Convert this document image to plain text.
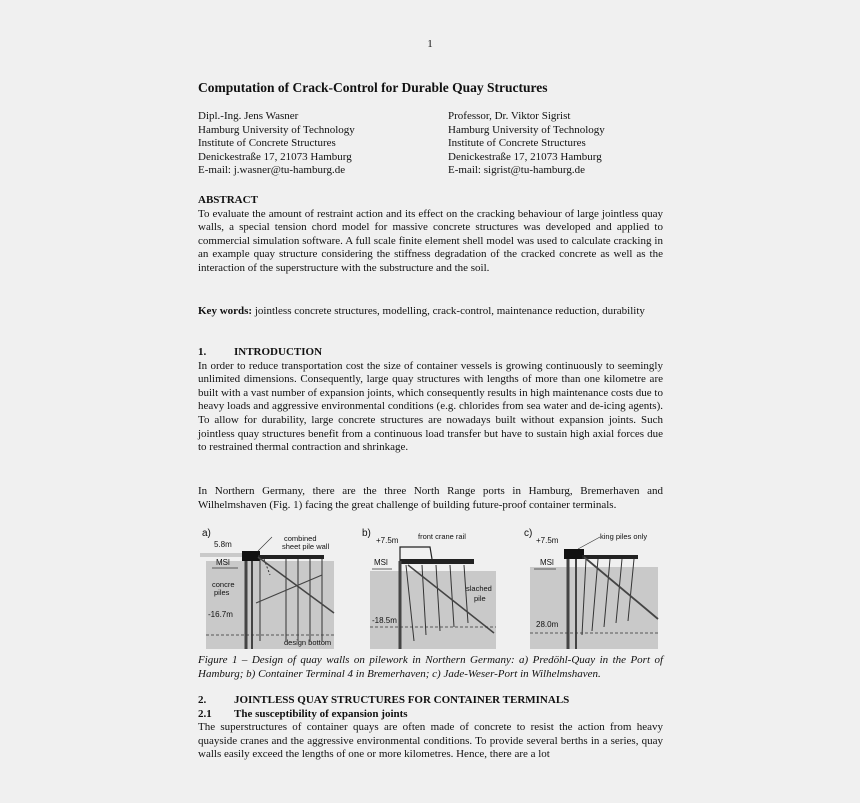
1
Computation of Crack-Control for Durable Quay Structures
Dipl.-Ing. Jens Wasner
Hamburg University of Technology
Institute of Concrete Structures
Denickestraße 17, 21073 Hamburg
E-mail: j.wasner@tu-hamburg.de
Professor, Dr. Viktor Sigrist
Hamburg University of Technology
Institute of Concrete Structures
Denickestraße 17, 21073 Hamburg
E-mail: sigrist@tu-hamburg.de
ABSTRACT
To evaluate the amount of restraint action and its effect on the cracking behaviour of large jointless quay walls, a special tension chord model for massive concrete structures was developed and applied to commercial simulation software. A full scale finite element shell model was used to calculate cracking in an example quay structure considering the stiffness degradation of the cracked concrete as well as the interaction of the superstructure with the substructure and the soil.
Key words: jointless concrete structures, modelling, crack-control, maintenance reduction, durability
1.	INTRODUCTION
In order to reduce transportation cost the size of container vessels is growing continuously to seemingly unlimited dimensions. Consequently, large quay structures with lengths of more than one kilometre are built with a vast number of expansion joints, which consequently results in high maintenance costs due to heavy loads and aggressive environmental conditions (e.g. chlorides from sea water and de-icing agents). To allow for durability, large concrete structures are nowadays built without expansion joints. Such jointless quay structures benefit from a continuous load transfer but have to sustain high axial forces due to restrained thermal contraction and shrinkage.
In Northern Germany, there are the three North Range ports in Hamburg, Bremerhaven and Wilhelmshaven (Fig. 1) facing the great challenge of building future-proof container terminals.
a)
5.8m
MSl
concre
piles
-16.7m
combined
sheet pile wall
design bottom
b)
+7.5m	front crane rail
MSl
-18.5m
slached
pile
c)
+7.5m	king piles only
MSl
28.0m
Figure 1 – Design of quay walls on pilework in Northern Germany: a) Predöhl-Quay in the Port of Hamburg; b) Container Terminal 4 in Bremerhaven; c) Jade-Weser-Port in Wilhelmshaven.
2.	JOINTLESS QUAY STRUCTURES FOR CONTAINER TERMINALS
2.1 The susceptibility of expansion joints
The superstructures of container quays are often made of concrete to resist the action from heavy quayside cranes and the aggressive environmental conditions. To provide several berths in a series, quay walls easily exceed the lengths of one or more kilometres. Hence, there are a lot
